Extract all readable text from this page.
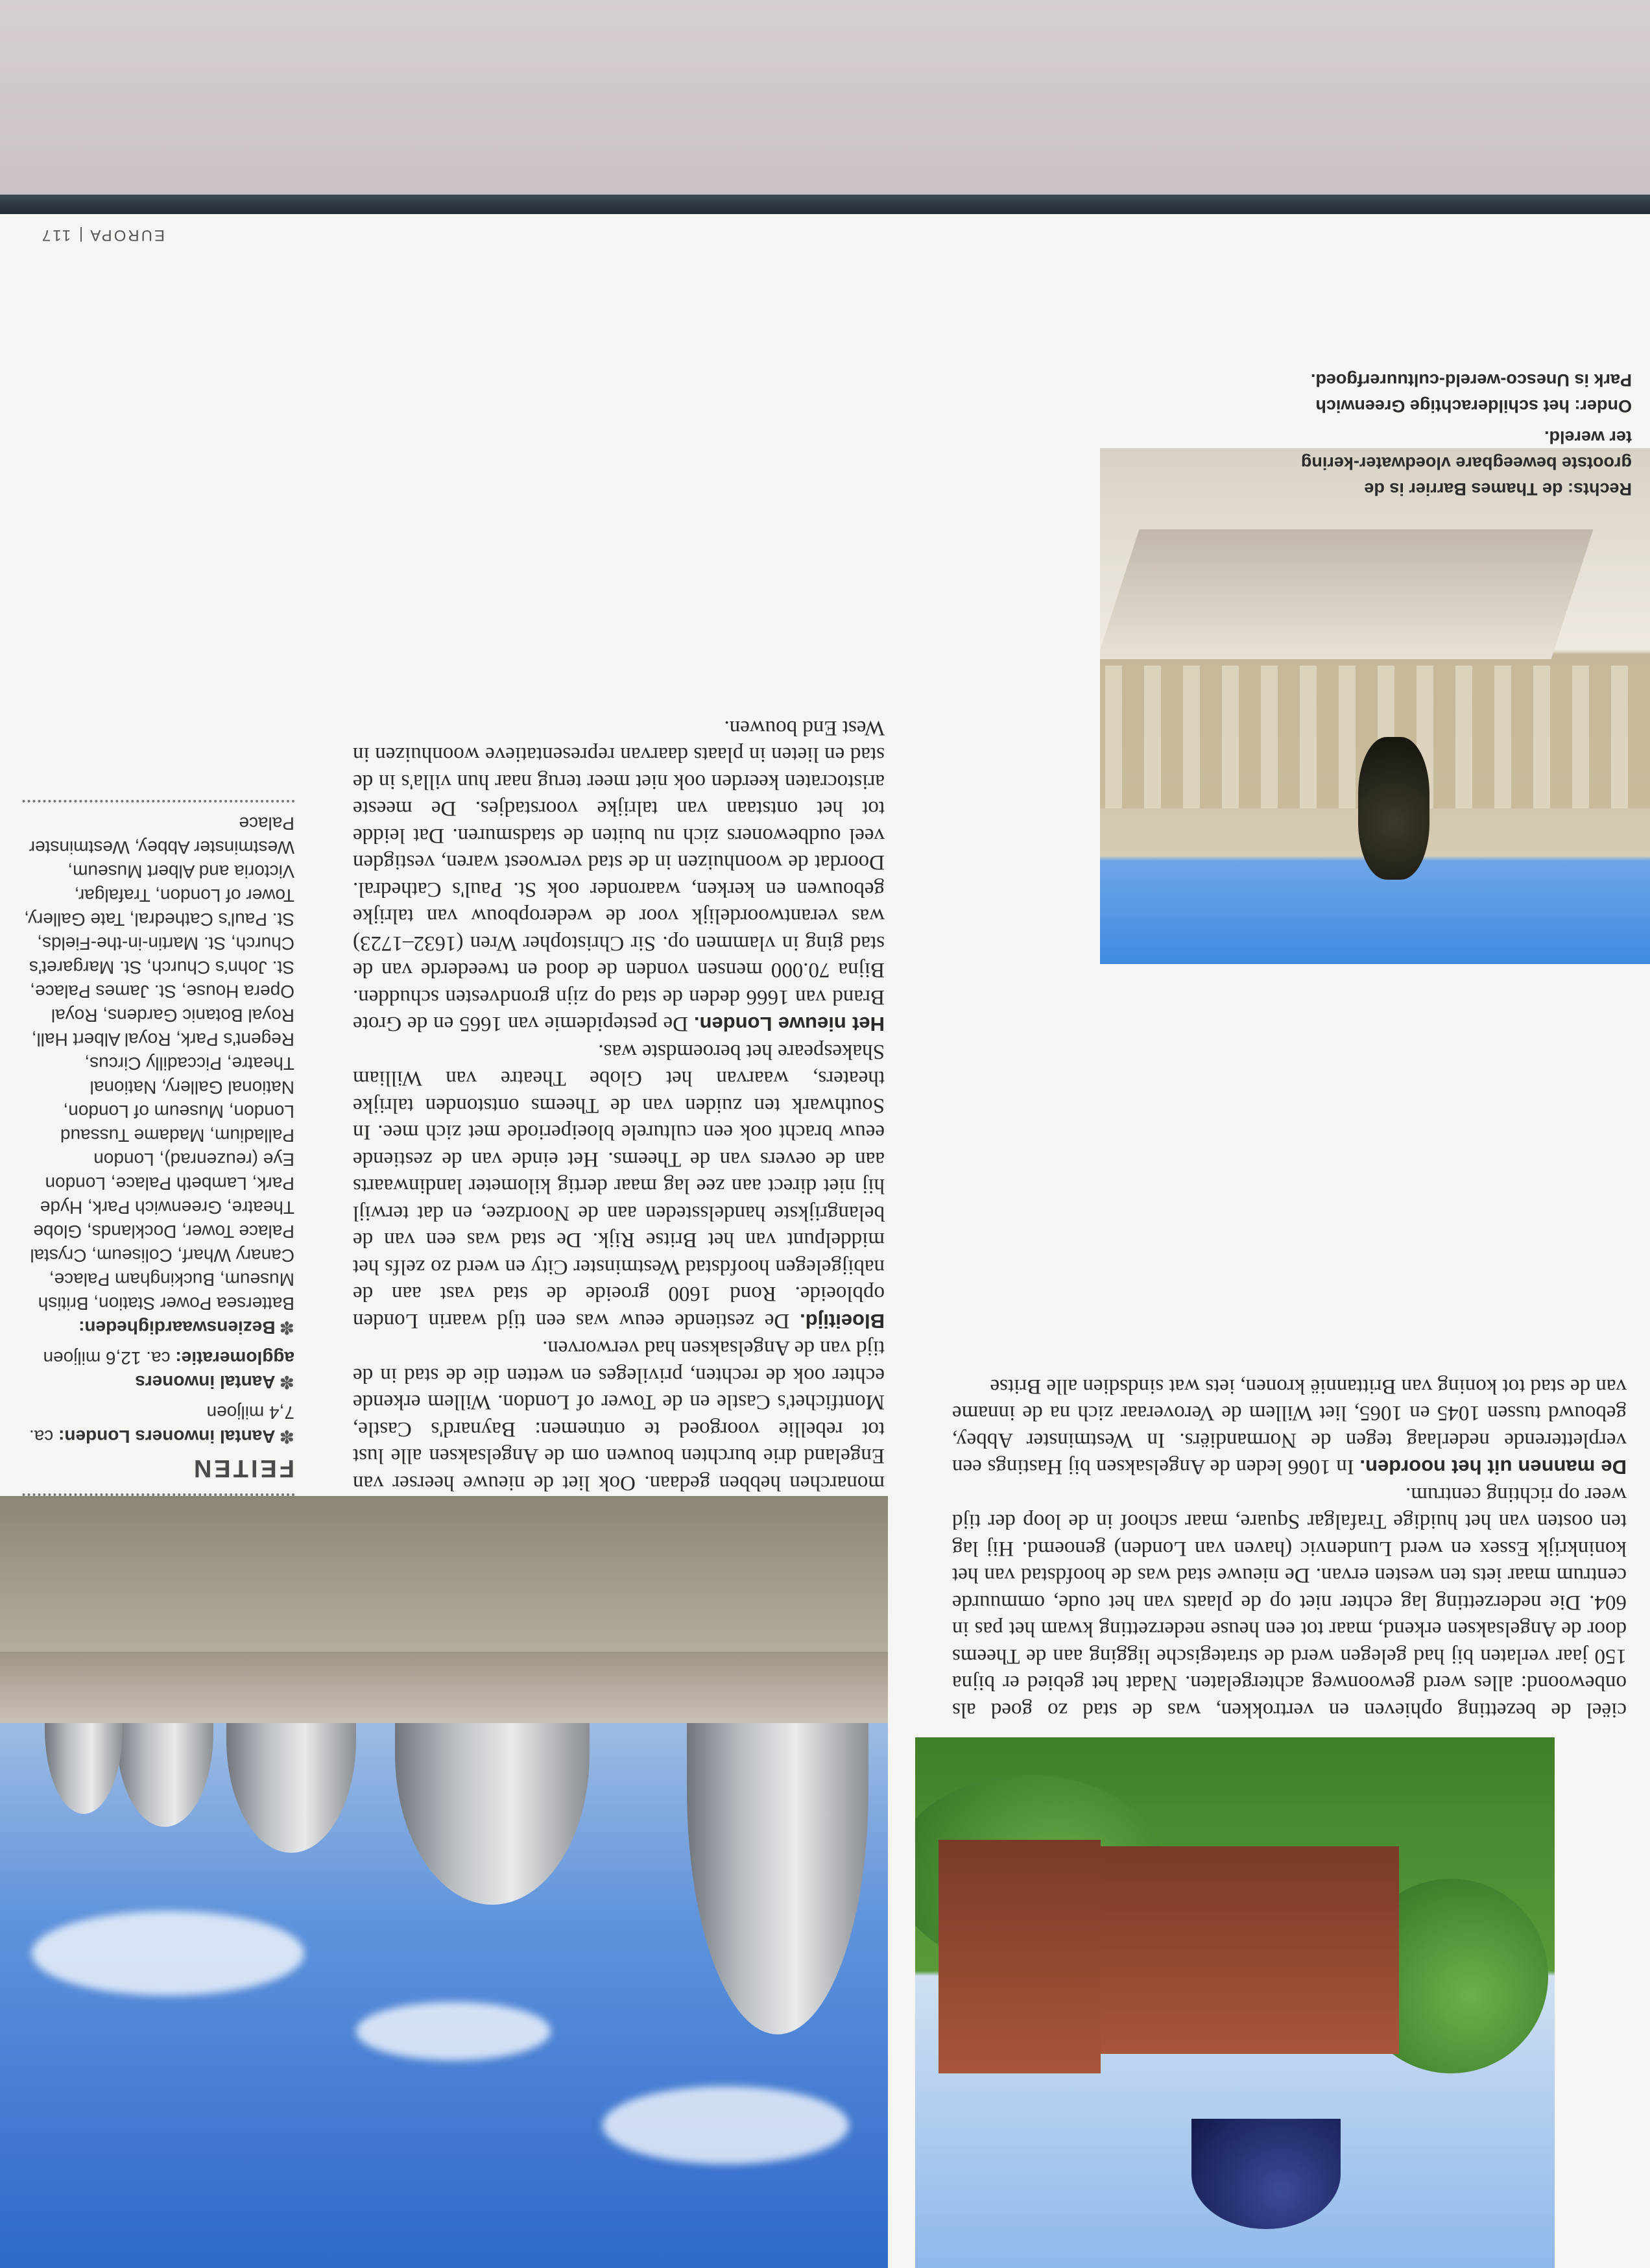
Rechts: de Thames Barrier is de grootste beweegbare vloedwater-kering ter wereld.

Onder: het schilderachtige Greenwich Park is Unesco-wereld-cultuurerfgoed.

ciëel de bezetting ophieven en vertrokken, was de stad zo goed als onbewoond: alles werd gewoonweg achtergelaten. Nadat het gebied er bijna 150 jaar verlaten bij had gelegen werd de strategische ligging aan de Theems door de Angelsaksen erkend, maar tot een heuse nederzetting kwam het pas in 604. Die nederzetting lag echter niet op de plaats van het oude, ommuurde centrum maar iets ten westen ervan. De nieuwe stad was de hoofdstad van het koninkrijk Essex en werd Lundenvic (haven van Londen) genoemd. Hij lag ten oosten van het huidige Trafalgar Square, maar schoof in de loop der tijd weer op richting centrum.

De mannen uit het noorden. In 1066 leden de Angelsaksen bij Hastings een verpletterende nederlaag tegen de Normandiërs. In Westminster Abbey, gebouwd tussen 1045 en 1065, liet Willem de Veroveraar zich na de inname van de stad tot koning van Brittannië kronen, iets wat sindsdien alle Britse

monarchen hebben gedaan. Ook liet de nieuwe heerser van Engeland drie burchten bouwen om de Angelsaksen alle lust tot rebellie voorgoed te ontnemen: Baynard's Castle, Montfichet's Castle en de Tower of London. Willem erkende echter ook de rechten, privileges en wetten die de stad in de tijd van de Angelsaksen had verworven.

Bloeitijd. De zestiende eeuw was een tijd waarin Londen opbloeide. Rond 1600 groeide de stad vast aan de nabijgelegen hoofdstad Westminster City en werd zo zelfs het middelpunt van het Britse Rijk. De stad was een van de belangrijkste handelssteden aan de Noordzee, en dat terwijl hij niet direct aan zee lag maar dertig kilometer landinwaarts aan de oevers van de Theems. Het einde van de zestiende eeuw bracht ook een culturele bloeiperiode met zich mee. In Southwark ten zuiden van de Theems ontstonden talrijke theaters, waarvan het Globe Theatre van William Shakespeare het beroemdste was.

Het nieuwe Londen. De pestepidemie van 1665 en de Grote Brand van 1666 deden de stad op zijn grondvesten schudden. Bijna 70.000 mensen vonden de dood en tweederde van de stad ging in vlammen op. Sir Christopher Wren (1632–1723) was verantwoordelijk voor de wederopbouw van talrijke gebouwen en kerken, waaronder ook St. Paul's Cathedral. Doordat de woonhuizen in de stad verwoest waren, vestigden veel oudbewoners zich nu buiten de stadsmuren. Dat leidde tot het ontstaan van talrijke voorstadjes. De meeste aristocraten keerden ook niet meer terug naar hun villa's in de stad en lieten in plaats daarvan representatieve woonhuizen in West End bouwen.

FEITEN
✽Aantal inwoners Londen: ca. 7,4 miljoen
✽Aantal inwoners agglomeratie: ca. 12,6 miljoen
✽Bezienswaardigheden: Battersea Power Station, British Museum, Buckingham Palace, Canary Wharf, Coliseum, Crystal Palace Tower, Docklands, Globe Theatre, Greenwich Park, Hyde Park, Lambeth Palace, London Eye (reuzenrad), London Palladium, Madame Tussaud London, Museum of London, National Gallery, National Theatre, Piccadilly Circus, Regent's Park, Royal Albert Hall, Royal Botanic Gardens, Royal Opera House, St. James Palace, St. John's Church, St. Margaret's Church, St. Martin-in-the-Fields, St. Paul's Cathedral, Tate Gallery, Tower of London, Trafalgar, Victoria and Albert Museum, Westminster Abbey, Westminster Palace
EUROPA | 117
